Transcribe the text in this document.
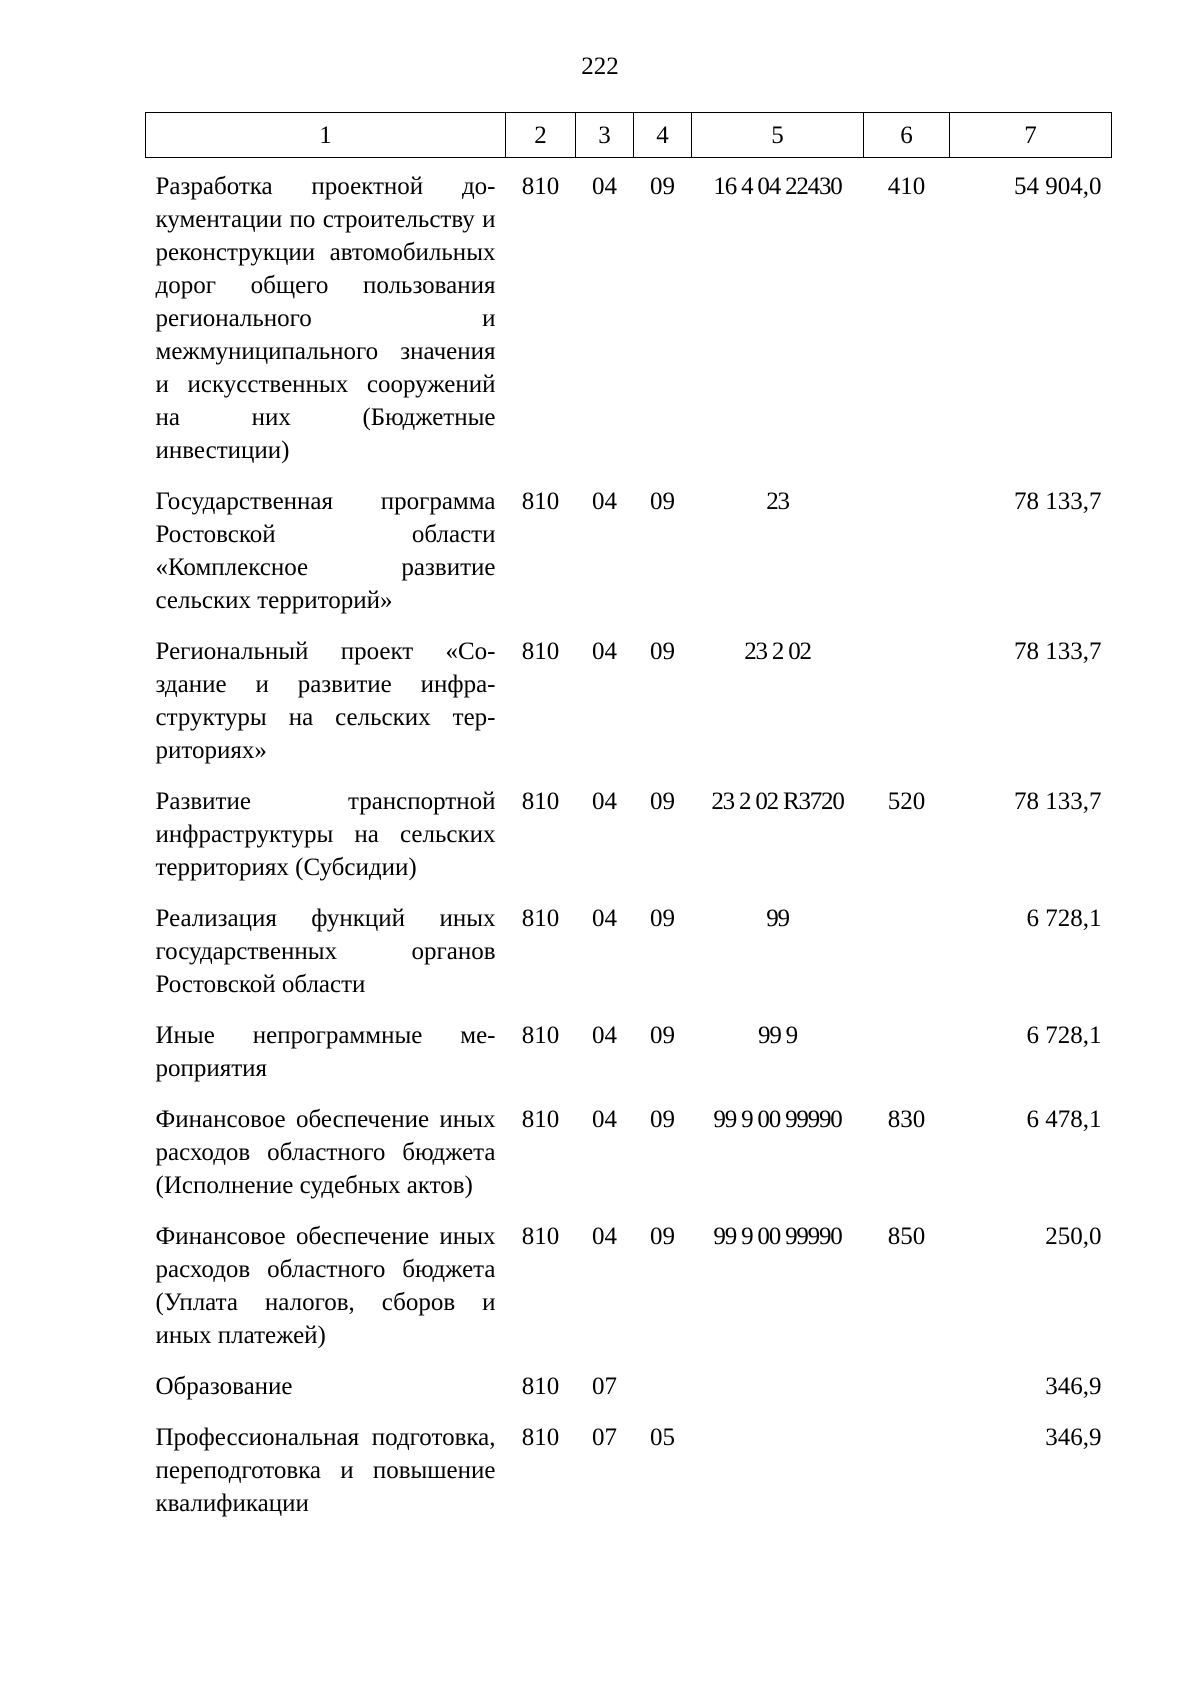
222
1	2	3	4	5	6	7
Разработка проектной документации по строительству и реконструкции автомобильных дорог общего пользования регионального и межмуниципального значения и искусственных сооружений на них (Бюджетные инвестиции)	810	04	09	16 4 04 22430	410	54 904,0
Государственная программа Ростовской области «Комплексное развитие сельских территорий»	810	04	09	23		78 133,7
Региональный проект «Создание и развитие инфраструктуры на сельских территориях»	810	04	09	23 2 02		78 133,7
Развитие транспортной инфраструктуры на сельских территориях (Субсидии)	810	04	09	23 2 02 R3720	520	78 133,7
Реализация функций иных государственных органов Ростовской области	810	04	09	99		6 728,1
Иные непрограммные мероприятия	810	04	09	99 9		6 728,1
Финансовое обеспечение иных расходов областного бюджета (Исполнение судебных актов)	810	04	09	99 9 00 99990	830	6 478,1
Финансовое обеспечение иных расходов областного бюджета (Уплата налогов, сборов и иных платежей)	810	04	09	99 9 00 99990	850	250,0
Образование	810	07				346,9
Профессиональная подготовка, переподготовка и повышение квалификации	810	07	05			346,9
